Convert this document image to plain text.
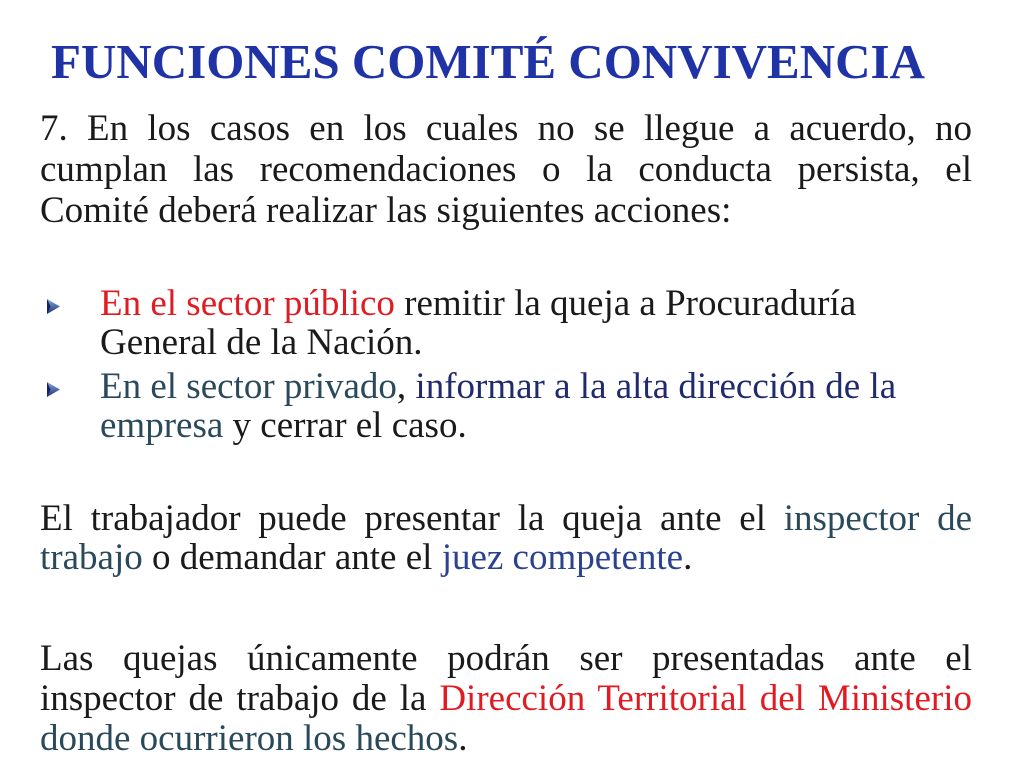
FUNCIONES COMITÉ CONVIVENCIA
7. En los casos en los cuales no se llegue a acuerdo, no
cumplan las recomendaciones o la conducta persista, el
Comité deberá realizar las siguientes acciones:
En el sector público remitir la queja a Procuraduría
General de la Nación.
En el sector privado, informar a la alta dirección de la
empresa y cerrar el caso.
El trabajador puede presentar la queja ante el inspector de
trabajo o demandar ante el juez competente.
Las quejas únicamente podrán ser presentadas ante el
inspector de trabajo de la Dirección Territorial del Ministerio
donde ocurrieron los hechos.
